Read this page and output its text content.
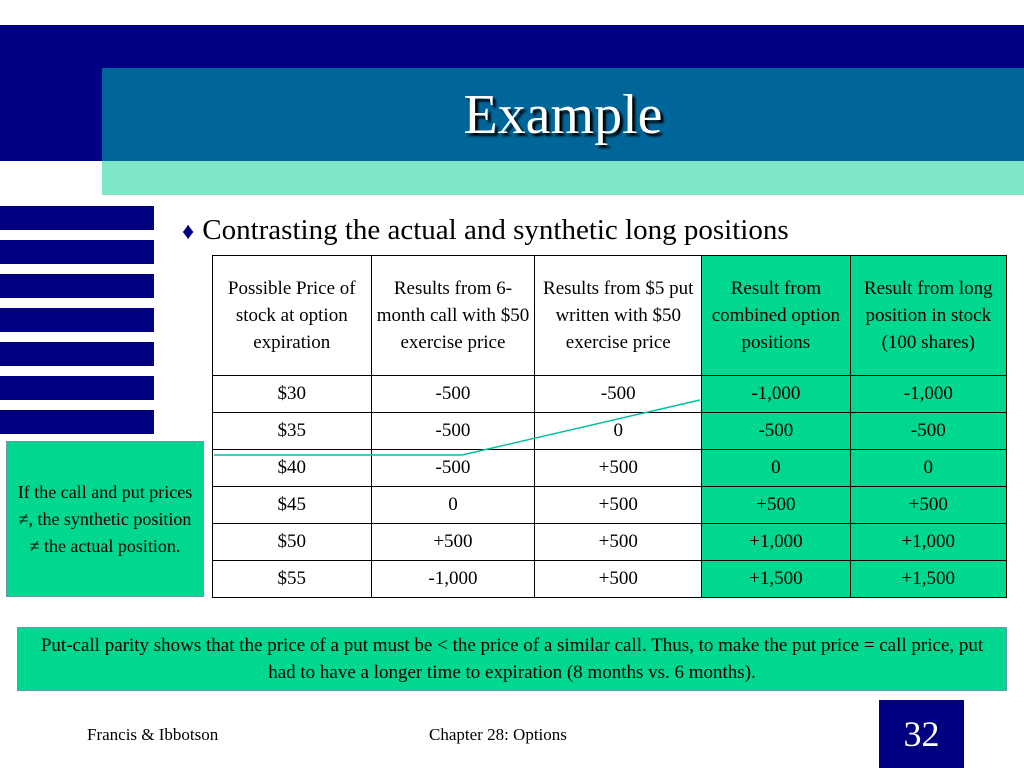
Example
♦ Contrasting the actual and synthetic long positions
Possible Price of stock at option expiration	Results from 6-month call with $50 exercise price	Results from $5 put written with $50 exercise price	Result from combined option positions	Result from long position in stock (100 shares)
$30	-500	-500	-1,000	-1,000
$35	-500	0	-500	-500
$40	-500	+500	0	0
$45	0	+500	+500	+500
$50	+500	+500	+1,000	+1,000
$55	-1,000	+500	+1,500	+1,500
If the call and put prices ≠, the synthetic position ≠ the actual position.
Put-call parity shows that the price of a put must be < the price of a similar call. Thus, to make the put price = call price, put had to have a longer time to expiration (8 months vs. 6 months).
Francis & Ibbotson	Chapter 28: Options	32
